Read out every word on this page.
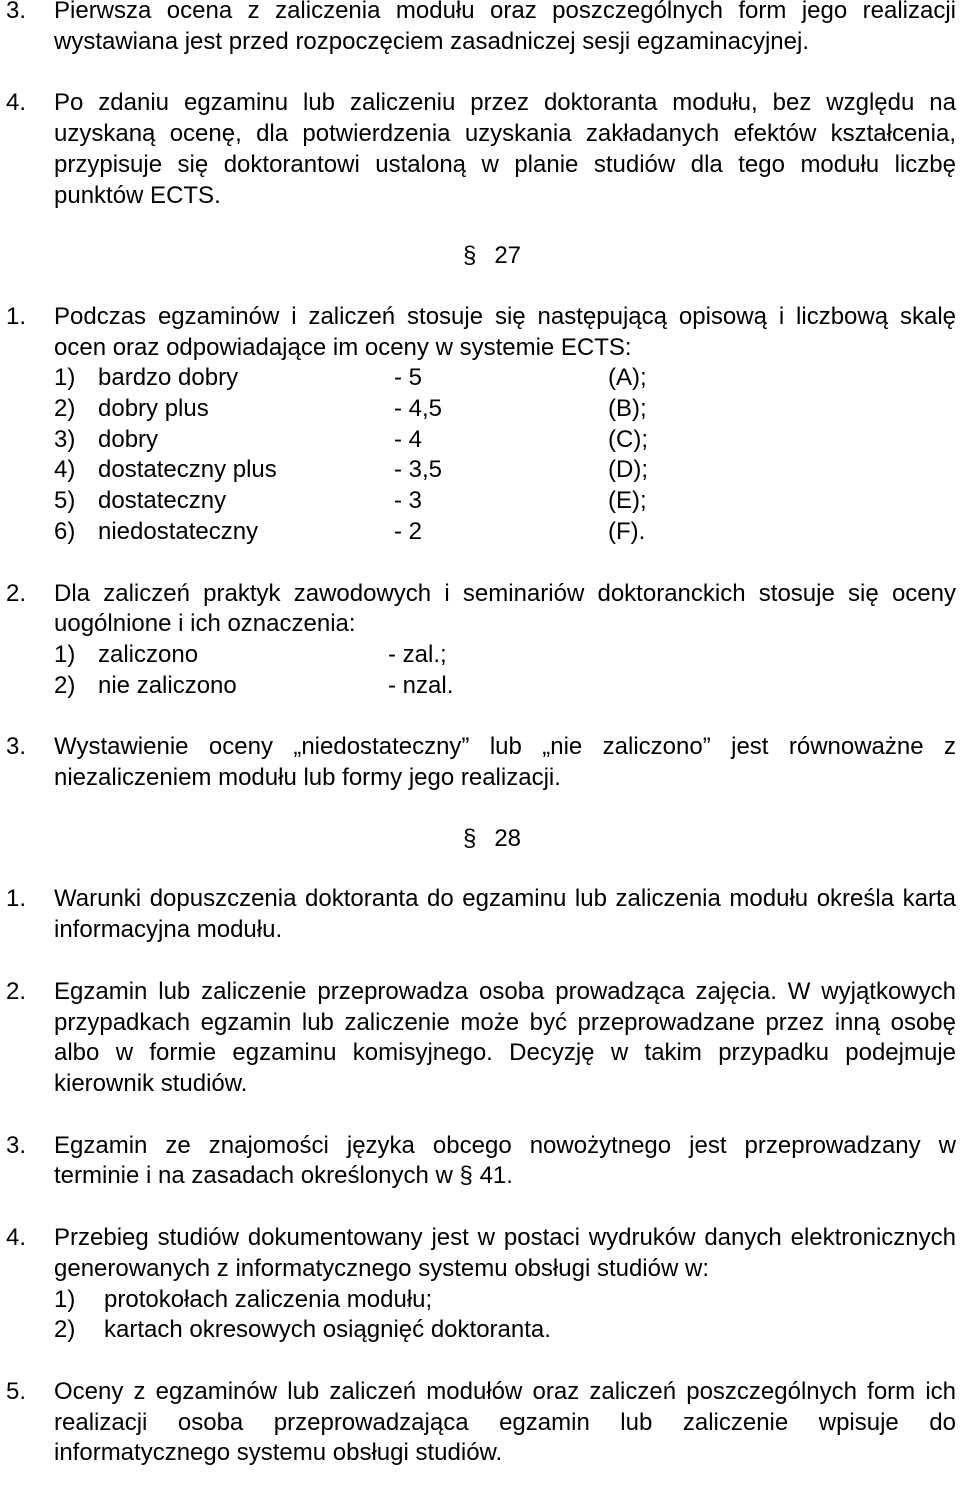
3. Pierwsza ocena z zaliczenia modułu oraz poszczególnych form jego realizacji wystawiana jest przed rozpoczęciem zasadniczej sesji egzaminacyjnej.

4. Po zdaniu egzaminu lub zaliczeniu przez doktoranta modułu, bez względu na uzyskaną ocenę, dla potwierdzenia uzyskania zakładanych efektów kształcenia, przypisuje się doktorantowi ustaloną w planie studiów dla tego modułu liczbę punktów ECTS.

§ 27

1. Podczas egzaminów i zaliczeń stosuje się następującą opisową i liczbową skalę ocen oraz odpowiadające im oceny w systemie ECTS:

1) bardzo dobry	- 5	(A);
2) dobry plus	- 4,5	(B);
3) dobry	- 4	(C);
4) dostateczny plus	- 3,5	(D);
5) dostateczny	- 3	(E);
6) niedostateczny	- 2	(F).
2. Dla zaliczeń praktyk zawodowych i seminariów doktoranckich stosuje się oceny uogólnione i ich oznaczenia:

1) zaliczono	- zal.;
2) nie zaliczono	- nzal.
3. Wystawienie oceny „niedostateczny” lub „nie zaliczono” jest równoważne z niezaliczeniem modułu lub formy jego realizacji.

§ 28

1. Warunki dopuszczenia doktoranta do egzaminu lub zaliczenia modułu określa karta informacyjna modułu.

2. Egzamin lub zaliczenie przeprowadza osoba prowadząca zajęcia. W wyjątkowych przypadkach egzamin lub zaliczenie może być przeprowadzane przez inną osobę albo w formie egzaminu komisyjnego. Decyzję w takim przypadku podejmuje kierownik studiów.

3. Egzamin ze znajomości języka obcego nowożytnego jest przeprowadzany w terminie i na zasadach określonych w § 41.

4. Przebieg studiów dokumentowany jest w postaci wydruków danych elektronicznych generowanych z informatycznego systemu obsługi studiów w:

1)	protokołach zaliczenia modułu;
2)	kartach okresowych osiągnięć doktoranta.
5. Oceny z egzaminów lub zaliczeń modułów oraz zaliczeń poszczególnych form ich realizacji osoba przeprowadzająca egzamin lub zaliczenie wpisuje do informatycznego systemu obsługi studiów.
